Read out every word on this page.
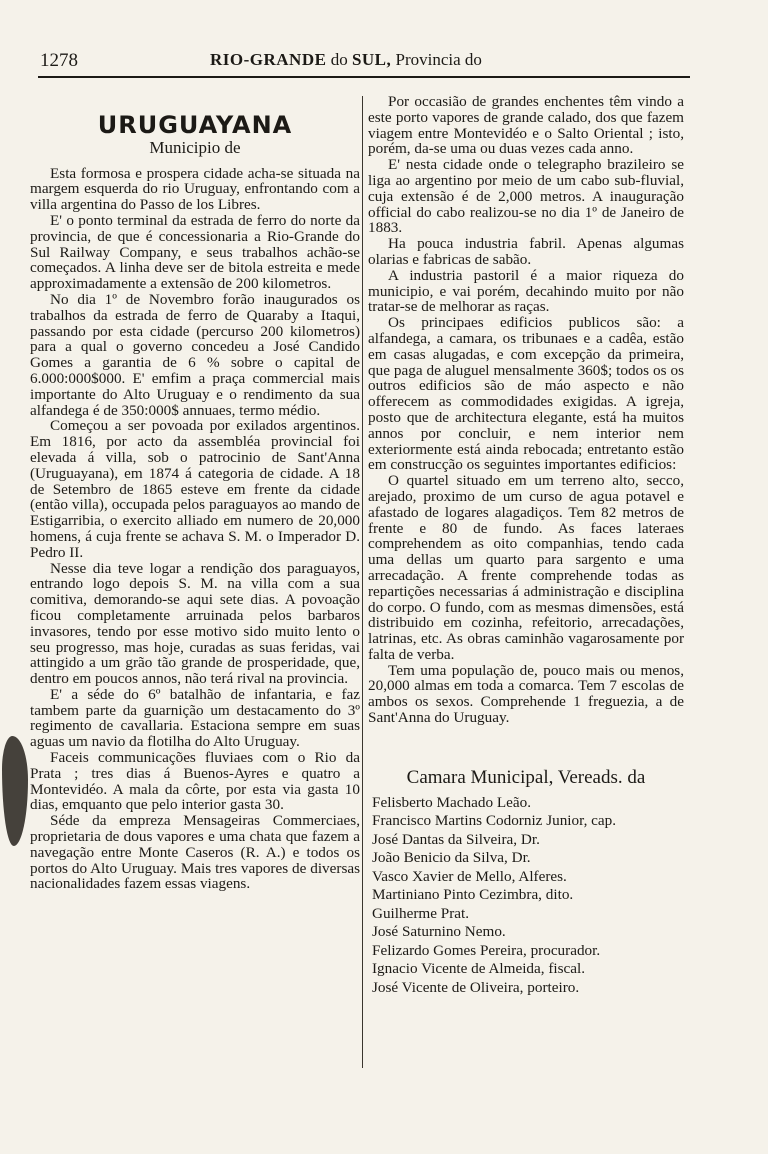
1278	RIO-GRANDE do SUL, Provincia do
URUGUAYANA
Municipio de

Esta formosa e prospera cidade acha-se situada na margem esquerda do rio Uruguay, enfrontando com a villa argentina do Passo de los Libres.

E' o ponto terminal da estrada de ferro do norte da provincia, de que é concessionaria a Rio-Grande do Sul Railway Company, e seus trabalhos achão-se começados. A linha deve ser de bitola estreita e mede approximadamente a extensão de 200 kilometros.

No dia 1º de Novembro forão inaugurados os trabalhos da estrada de ferro de Quaraby a Itaqui, passando por esta cidade (percurso 200 kilometros) para a qual o governo concedeu a José Candido Gomes a garantia de 6 % sobre o capital de 6.000:000$000. E' emfim a praça commercial mais importante do Alto Uruguay e o rendimento da sua alfandega é de 350:000$ annuaes, termo médio.

Começou a ser povoada por exilados argentinos. Em 1816, por acto da assembléa provincial foi elevada á villa, sob o patrocinio de Sant'Anna (Uruguayana), em 1874 á categoria de cidade. A 18 de Setembro de 1865 esteve em frente da cidade (então villa), occupada pelos paraguayos ao mando de Estigarribia, o exercito alliado em numero de 20,000 homens, á cuja frente se achava S. M. o Imperador D. Pedro II.

Nesse dia teve logar a rendição dos paraguayos, entrando logo depois S. M. na villa com a sua comitiva, demorando-se aqui sete dias. A povoação ficou completamente arruinada pelos barbaros invasores, tendo por esse motivo sido muito lento o seu progresso, mas hoje, curadas as suas feridas, vai attingido a um grão tão grande de prosperidade, que, dentro em poucos annos, não terá rival na provincia.

E' a séde do 6º batalhão de infantaria, e faz tambem parte da guarnição um destacamento do 3º regimento de cavallaria. Estaciona sempre em suas aguas um navio da flotilha do Alto Uruguay.

Faceis communicações fluviaes com o Rio da Prata ; tres dias á Buenos-Ayres e quatro a Montevidéo. A mala da côrte, por esta via gasta 10 dias, emquanto que pelo interior gasta 30.

Séde da empreza Mensageiras Commerciaes, proprietaria de dous vapores e uma chata que fazem a navegação entre Monte Caseros (R. A.) e todos os portos do Alto Uruguay. Mais tres vapores de diversas nacionalidades fazem essas viagens.

Por occasião de grandes enchentes têm vindo a este porto vapores de grande calado, dos que fazem viagem entre Montevidéo e o Salto Oriental ; isto, porém, da-se uma ou duas vezes cada anno.

E' nesta cidade onde o telegrapho brazileiro se liga ao argentino por meio de um cabo sub-fluvial, cuja extensão é de 2,000 metros. A inauguração official do cabo realizou-se no dia 1º de Janeiro de 1883.

Ha pouca industria fabril. Apenas algumas olarias e fabricas de sabão.

A industria pastoril é a maior riqueza do municipio, e vai porém, decahindo muito por não tratar-se de melhorar as raças.

Os principaes edificios publicos são: a alfandega, a camara, os tribunaes e a cadêa, estão em casas alugadas, e com excepção da primeira, que paga de aluguel mensalmente 360$; todos os os outros edificios são de máo aspecto e não offerecem as commodidades exigidas. A igreja, posto que de architectura elegante, está ha muitos annos por concluir, e nem interior nem exteriormente está ainda rebocada; entretanto estão em construcção os seguintes importantes edificios:

O quartel situado em um terreno alto, secco, arejado, proximo de um curso de agua potavel e afastado de logares alagadiços. Tem 82 metros de frente e 80 de fundo. As faces lateraes comprehendem as oito companhias, tendo cada uma dellas um quarto para sargento e uma arrecadação. A frente comprehende todas as repartições necessarias á administração e disciplina do corpo. O fundo, com as mesmas dimensões, está distribuido em cozinha, refeitorio, arrecadações, latrinas, etc. As obras caminhão vagarosamente por falta de verba.

Tem uma população de, pouco mais ou menos, 20,000 almas em toda a comarca. Tem 7 escolas de ambos os sexos. Comprehende 1 freguezia, a de Sant'Anna do Uruguay.

Camara Municipal, Vereads. da
Felisberto Machado Leão.
Francisco Martins Codorniz Junior, cap.
José Dantas da Silveira, Dr.
João Benicio da Silva, Dr.
Vasco Xavier de Mello, Alferes.
Martiniano Pinto Cezimbra, dito.
Guilherme Prat.
José Saturnino Nemo.
Felizardo Gomes Pereira, procurador.
Ignacio Vicente de Almeida, fiscal.
José Vicente de Oliveira, porteiro.
